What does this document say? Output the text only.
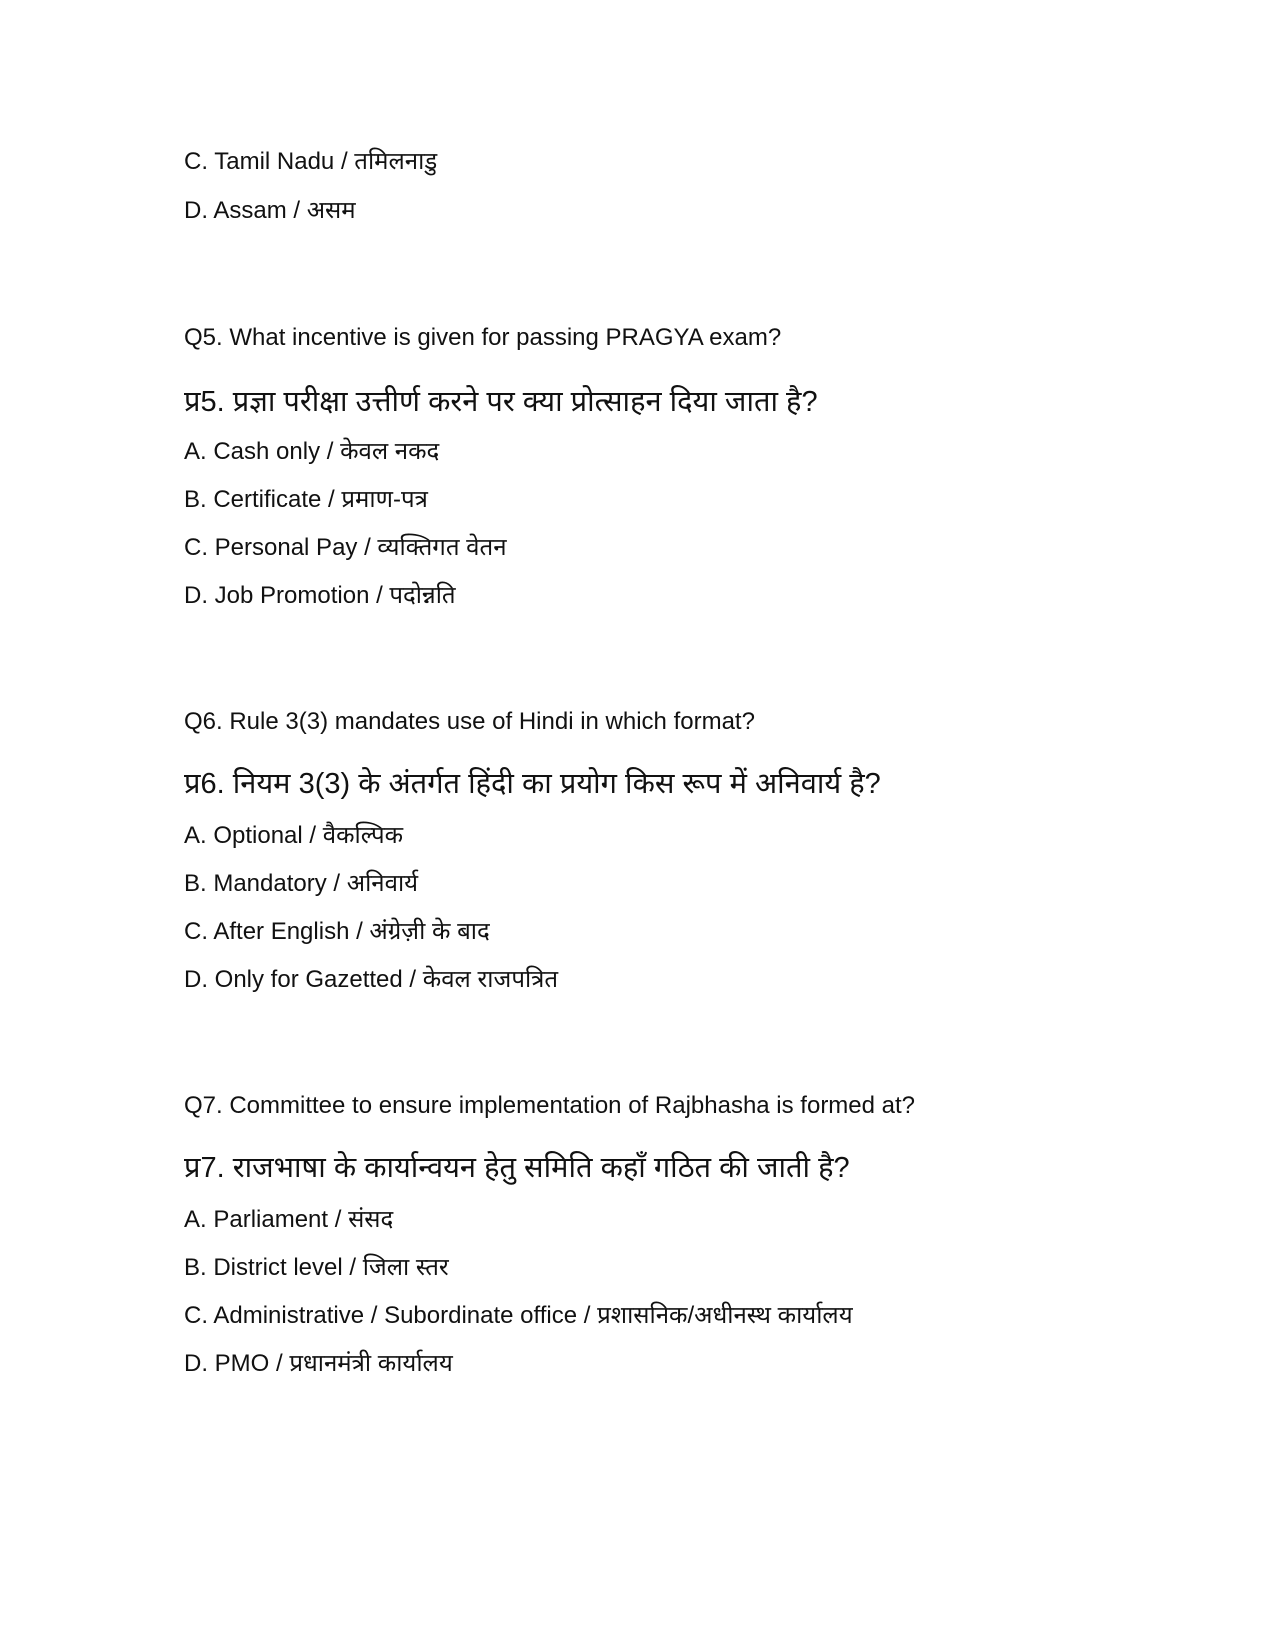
C. Tamil Nadu / तमिलनाडु
D. Assam / असम
Q5. What incentive is given for passing PRAGYA exam?
प्र5. प्रज्ञा परीक्षा उत्तीर्ण करने पर क्या प्रोत्साहन दिया जाता है?
A. Cash only / केवल नकद
B. Certificate / प्रमाण-पत्र
C. Personal Pay / व्यक्तिगत वेतन
D. Job Promotion / पदोन्नति
Q6. Rule 3(3) mandates use of Hindi in which format?
प्र6. नियम 3(3) के अंतर्गत हिंदी का प्रयोग किस रूप में अनिवार्य है?
A. Optional / वैकल्पिक
B. Mandatory / अनिवार्य
C. After English / अंग्रेज़ी के बाद
D. Only for Gazetted / केवल राजपत्रित
Q7. Committee to ensure implementation of Rajbhasha is formed at?
प्र7. राजभाषा के कार्यान्वयन हेतु समिति कहाँ गठित की जाती है?
A. Parliament / संसद
B. District level / जिला स्तर
C. Administrative / Subordinate office / प्रशासनिक/अधीनस्थ कार्यालय
D. PMO / प्रधानमंत्री कार्यालय
